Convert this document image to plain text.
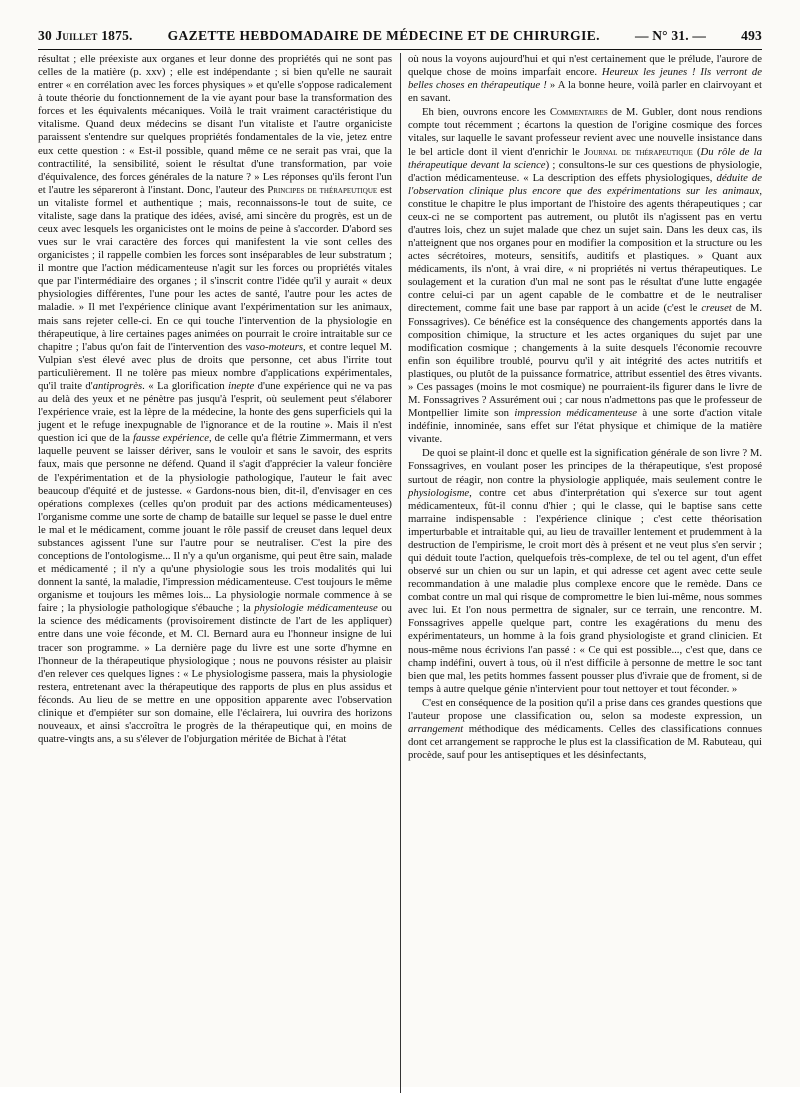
30 Juillet 1875.	GAZETTE HEBDOMADAIRE DE MÉDECINE ET DE CHIRURGIE.	— N° 31. —	493

résultat ; elle préexiste aux organes et leur donne des propriétés qui ne sont pas celles de la matière (p. xxv) ; elle est indépendante ; si bien qu'elle ne saurait entrer « en corrélation avec les forces physiques » et qu'elle s'oppose radicalement à toute théorie du fonctionnement de la vie ayant pour base la transformation des forces et les équivalents mécaniques. Voilà le trait vraiment caractéristique du vitalisme. Quand deux médecins se disant l'un vitaliste et l'autre organiciste paraissent s'entendre sur quelques propriétés fondamentales de la vie, jetez entre eux cette question : « Est-il possible, quand même ce ne serait pas vrai, que la contractilité, la sensibilité, soient le résultat d'une transformation, par voie d'équivalence, des forces générales de la nature ? » Les réponses qu'ils feront l'un et l'autre les sépareront à l'instant. Donc, l'auteur des Principes de thérapeutique est un vitaliste formel et authentique ; mais, reconnaissons-le tout de suite, ce vitaliste, sage dans la pratique des idées, avisé, ami sincère du progrès, est un de ceux avec lesquels les organicistes ont le moins de peine à s'accorder. D'abord ses vues sur le vrai caractère des forces qui manifestent la vie sont celles des organicistes ; il rappelle combien les forces sont inséparables de leur substratum ; il montre que l'action médicamenteuse n'agit sur les forces ou propriétés vitales que par l'intermédiaire des organes ; il s'inscrit contre l'idée qu'il y aurait « deux physiologies différentes, l'une pour les actes de santé, l'autre pour les actes de maladie. » Il met l'expérience clinique avant l'expérimentation sur les animaux, mais sans rejeter celle-ci. En ce qui touche l'intervention de la physiologie en thérapeutique, à lire certaines pages animées on pourrait le croire intraitable sur ce chapitre ; l'abus qu'on fait de l'intervention des vaso-moteurs, et contre lequel M. Vulpian s'est élevé avec plus de droits que personne, cet abus l'irrite tout particulièrement. Il ne tolère pas mieux nombre d'applications expérimentales, qu'il traite d'antiprogrès. « La glorification inepte d'une expérience qui ne va pas au delà des yeux et ne pénètre pas jusqu'à l'esprit, où seulement peut s'élaborer l'expérience vraie, est la lèpre de la médecine, la honte des gens superficiels qui la jugent et le refuge inexpugnable de l'ignorance et de la routine ». Mais il n'est question ici que de la fausse expérience, de celle qu'a flétrie Zimmermann, et vers laquelle peuvent se laisser dériver, sans le vouloir et sans le savoir, des esprits faux, mais que personne ne défend. Quand il s'agit d'apprécier la valeur foncière de l'expérimentation et de la physiologie pathologique, l'auteur le fait avec beaucoup d'équité et de justesse. « Gardons-nous bien, dit-il, d'envisager en ces opérations complexes (celles qu'on produit par des actions médicamenteuses) l'organisme comme une sorte de champ de bataille sur lequel se passe le duel entre le mal et le médicament, comme jouant le rôle passif de creuset dans lequel deux substances agissent l'une sur l'autre pour se neutraliser. C'est la pire des conceptions de l'ontologisme... Il n'y a qu'un organisme, qui peut être sain, malade et médicamenté ; il n'y a qu'une physiologie sous les trois modalités qui lui donnent la santé, la maladie, l'impression médicamenteuse. C'est toujours le même organisme et toujours les mêmes lois... La physiologie normale commence à se faire ; la physiologie pathologique s'ébauche ; la physiologie médicamenteuse ou la science des médicaments (provisoirement distincte de l'art de les appliquer) entre dans une voie féconde, et M. Cl. Bernard aura eu l'honneur insigne de lui tracer son programme. » La dernière page du livre est une sorte d'hymne en l'honneur de la thérapeutique physiologique ; nous ne pouvons résister au plaisir d'en relever ces quelques lignes : « Le physiologisme passera, mais la physiologie restera, entretenant avec la thérapeutique des rapports de plus en plus assidus et féconds. Au lieu de se mettre en une opposition apparente avec l'observation clinique et d'empiéter sur son domaine, elle l'éclairera, lui ouvrira des horizons nouveaux, et ainsi s'accroîtra le progrès de la thérapeutique qui, en moins de quatre-vingts ans, a su s'élever de l'objurgation méritée de Bichat à l'état

où nous la voyons aujourd'hui et qui n'est certainement que le prélude, l'aurore de quelque chose de moins imparfait encore. Heureux les jeunes ! Ils verront de belles choses en thérapeutique ! » A la bonne heure, voilà parler en clairvoyant et en savant.

Eh bien, ouvrons encore les Commentaires de M. Gubler, dont nous rendions compte tout récemment ; écartons la question de l'origine cosmique des forces vitales, sur laquelle le savant professeur revient avec une nouvelle insistance dans le bel article dont il vient d'enrichir le Journal de thérapeutique (Du rôle de la thérapeutique devant la science) ; consultons-le sur ces questions de physiologie, d'action médicamenteuse. « La description des effets physiologiques, déduite de l'observation clinique plus encore que des expérimentations sur les animaux, constitue le chapitre le plus important de l'histoire des agents thérapeutiques ; car ceux-ci ne se comportent pas autrement, ou plutôt ils n'agissent pas en vertu d'autres lois, chez un sujet malade que chez un sujet sain. Dans les deux cas, ils n'atteignent que nos organes pour en modifier la composition et la structure ou les actes sécrétoires, moteurs, sensitifs, auditifs et plastiques. » Quant aux médicaments, ils n'ont, à vrai dire, « ni propriétés ni vertus thérapeutiques. Le soulagement et la curation d'un mal ne sont pas le résultat d'une lutte engagée contre celui-ci par un agent capable de le combattre et de le neutraliser directement, comme fait une base par rapport à un acide (c'est le creuset de M. Fonssagrives). Ce bénéfice est la conséquence des changements apportés dans la composition chimique, la structure et les actes organiques du sujet par une modification cosmique ; changements à la suite desquels l'économie recouvre enfin son équilibre troublé, pourvu qu'il y ait intégrité des actes nutritifs et plastiques, ou plutôt de la puissance formatrice, attribut essentiel des êtres vivants. » Ces passages (moins le mot cosmique) ne pourraient-ils figurer dans le livre de M. Fonssagrives ? Assurément oui ; car nous n'admettons pas que le professeur de Montpellier limite son impression médicamenteuse à une sorte d'action vitale indéfinie, innominée, sans effet sur l'état physique et chimique de la matière vivante.

De quoi se plaint-il donc et quelle est la signification générale de son livre ? M. Fonssagrives, en voulant poser les principes de la thérapeutique, s'est proposé surtout de réagir, non contre la physiologie appliquée, mais seulement contre le physiologisme, contre cet abus d'interprétation qui s'exerce sur tout agent médicamenteux, fût-il connu d'hier ; qui le classe, qui le baptise sans cette marraine indispensable : l'expérience clinique ; c'est cette théorisation imperturbable et intraitable qui, au lieu de travailler lentement et prudemment à la destruction de l'empirisme, le croit mort dès à présent et ne veut plus s'en servir ; qui déduit toute l'action, quelquefois très-complexe, de tel ou tel agent, d'un effet observé sur un chien ou sur un lapin, et qui adresse cet agent avec cette seule recommandation à une maladie plus complexe encore que le remède. Dans ce combat contre un mal qui risque de compromettre le bien lui-même, nous sommes avec lui. Et l'on nous permettra de signaler, sur ce terrain, une rencontre. M. Fonssagrives appelle quelque part, contre les exagérations du menu des expérimentateurs, un homme à la fois grand physiologiste et grand clinicien. Et nous-même nous écrivions l'an passé : « Ce qui est possible..., c'est que, dans ce champ indéfini, ouvert à tous, où il n'est difficile à personne de mettre le soc tant bien que mal, les petits hommes fassent pousser plus d'ivraie que de froment, si de temps à autre quelque génie n'intervient pour tout nettoyer et tout féconder. »

C'est en conséquence de la position qu'il a prise dans ces grandes questions que l'auteur propose une classification ou, selon sa modeste expression, un arrangement méthodique des médicaments. Celles des classifications connues dont cet arrangement se rapproche le plus est la classification de M. Rabuteau, qui procède, sauf pour les antiseptiques et les désinfectants,
